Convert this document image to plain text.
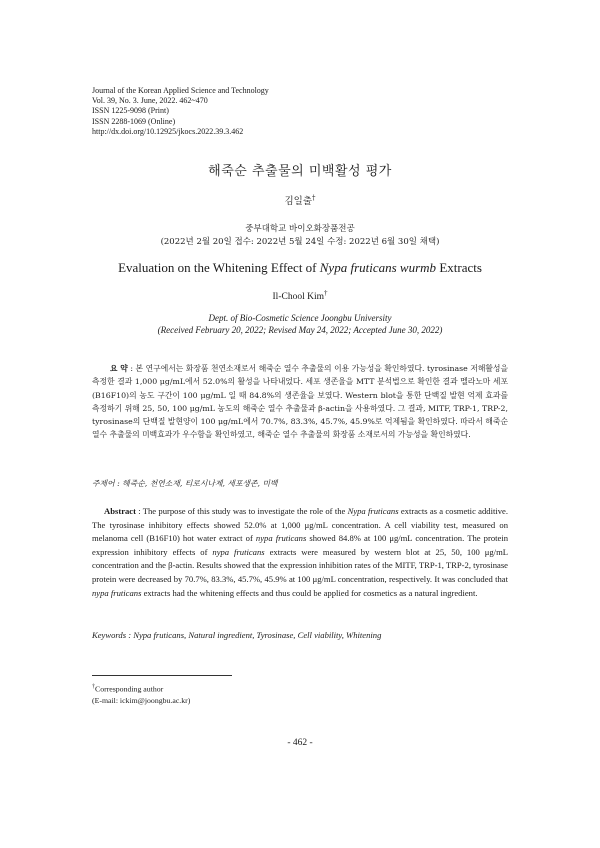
Journal of the Korean Applied Science and Technology
Vol. 39, No. 3. June, 2022. 462~470
ISSN 1225-9098 (Print)
ISSN 2288-1069 (Online)
http://dx.doi.org/10.12925/jkocs.2022.39.3.462
해죽순 추출물의 미백활성 평가
김일출†
중부대학교 바이오화장품전공
(2022년 2월 20일 접수: 2022년 5월 24일 수정: 2022년 6월 30일 채택)
Evaluation on the Whitening Effect of Nypa fruticans wurmb Extracts
Il-Chool Kim†
Dept. of Bio-Cosmetic Science Joongbu University
(Received February 20, 2022; Revised May 24, 2022; Accepted June 30, 2022)
요 약 : 본 연구에서는 화장품 천연소재로서 해죽순 열수 추출물의 이용 가능성을 확인하였다. tyrosinase 저해활성을 측정한 결과 1,000 μg/mL에서 52.0%의 활성을 나타내었다. 세포 생존율을 MTT 분석법으로 확인한 결과 멜라노마 세포(B16F10)의 농도 구간이 100 μg/mL 일 때 84.8%의 생존율을 보였다. Western blot을 통한 단백질 발현 억제 효과를 측정하기 위해 25, 50, 100 μg/mL 농도의 해죽순 열수 추출물과 β-actin을 사용하였다. 그 결과, MITF, TRP-1, TRP-2, tyrosinase의 단백질 발현양이 100 μg/mL에서 70.7%, 83.3%, 45.7%, 45.9%로 억제됨을 확인하였다. 따라서 해죽순 열수 추출물의 미백효과가 우수함을 확인하였고, 해죽순 열수 추출물의 화장품 소재로서의 가능성을 확인하였다.
주제어 : 해죽순, 천연소재, 티로시나제, 세포생존, 미백
Abstract : The purpose of this study was to investigate the role of the Nypa fruticans extracts as a cosmetic additive. The tyrosinase inhibitory effects showed 52.0% at 1,000 μg/mL concentration. A cell viability test, measured on melanoma cell (B16F10) hot water extract of nypa fruticans showed 84.8% at 100 μg/mL concentration. The protein expression inhibitory effects of nypa fruticans extracts were measured by western blot at 25, 50, 100 μg/mL concentration and the β-actin. Results showed that the expression inhibition rates of the MITF, TRP-1, TRP-2, tyrosinase protein were decreased by 70.7%, 83.3%, 45.7%, 45.9% at 100 μg/mL concentration, respectively. It was concluded that nypa fruticans extracts had the whitening effects and thus could be applied for cosmetics as a natural ingredient.
Keywords : Nypa fruticans, Natural ingredient, Tyrosinase, Cell viability, Whitening
†Corresponding author
(E-mail: ickim@joongbu.ac.kr)
- 462 -
